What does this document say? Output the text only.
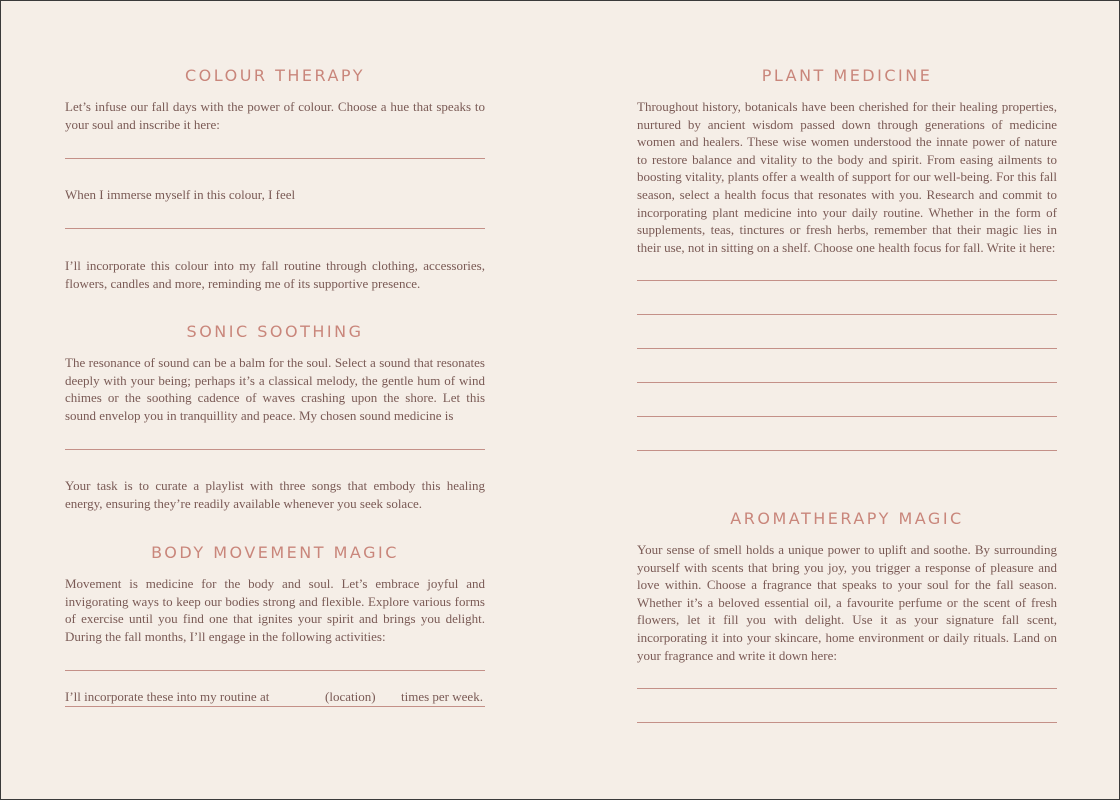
COLOUR THERAPY

Let’s infuse our fall days with the power of colour. Choose a hue that speaks to your soul and inscribe it here:

When I immerse myself in this colour, I feel

I’ll incorporate this colour into my fall routine through clothing, accessories, flowers, candles and more, reminding me of its supportive presence.

SONIC SOOTHING

The resonance of sound can be a balm for the soul. Select a sound that resonates deeply with your being; perhaps it’s a classical melody, the gentle hum of wind chimes or the soothing cadence of waves crashing upon the shore. Let this sound envelop you in tranquillity and peace. My chosen sound medicine is

Your task is to curate a playlist with three songs that embody this healing energy, ensuring they’re readily available whenever you seek solace.

BODY MOVEMENT MAGIC

Movement is medicine for the body and soul. Let’s embrace joyful and invigorating ways to keep our bodies strong and flexible. Explore various forms of exercise until you find one that ignites your spirit and brings you delight. During the fall months, I’ll engage in the following activities:

I’ll incorporate these into my routine at	(location) times per week.
PLANT MEDICINE

Throughout history, botanicals have been cherished for their healing properties, nurtured by ancient wisdom passed down through generations of medicine women and healers. These wise women understood the innate power of nature to restore balance and vitality to the body and spirit. From easing ailments to boosting vitality, plants offer a wealth of support for our well-being. For this fall season, select a health focus that resonates with you. Research and commit to incorporating plant medicine into your daily routine. Whether in the form of supplements, teas, tinctures or fresh herbs, remember that their magic lies in their use, not in sitting on a shelf. Choose one health focus for fall. Write it here:

AROMATHERAPY MAGIC

Your sense of smell holds a unique power to uplift and soothe. By surrounding yourself with scents that bring you joy, you trigger a response of pleasure and love within. Choose a fragrance that speaks to your soul for the fall season. Whether it’s a beloved essential oil, a favourite perfume or the scent of fresh flowers, let it fill you with delight. Use it as your signature fall scent, incorporating it into your skincare, home environment or daily rituals. Land on your fragrance and write it down here:
